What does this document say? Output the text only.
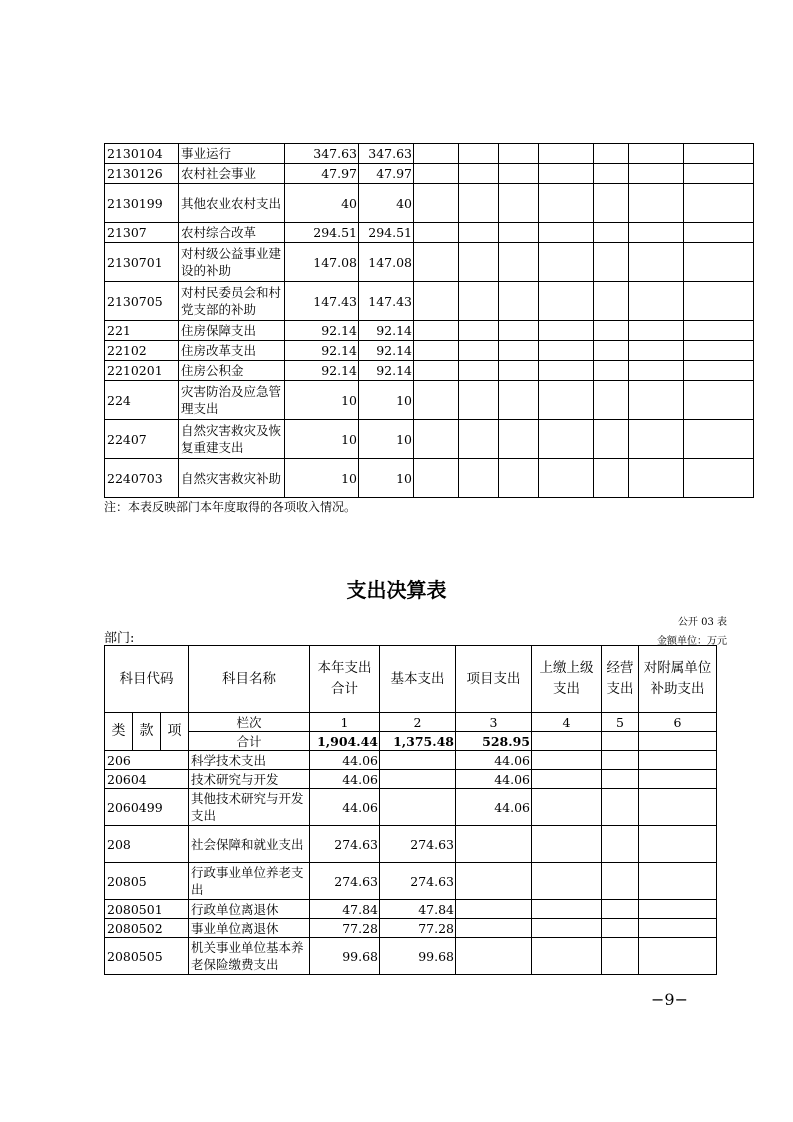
2130104	事业运行	347.63	347.63							
2130126	农村社会事业	47.97	47.97							
2130199	其他农业农村支出	40	40							
21307	农村综合改革	294.51	294.51							
2130701	对村级公益事业建设的补助	147.08	147.08							
2130705	对村民委员会和村党支部的补助	147.43	147.43							
221	住房保障支出	92.14	92.14							
22102	住房改革支出	92.14	92.14							
2210201	住房公积金	92.14	92.14							
224	灾害防治及应急管理支出	10	10							
22407	自然灾害救灾及恢复重建支出	10	10							
2240703	自然灾害救灾补助	10	10							
注：本表反映部门本年度取得的各项收入情况。
支出决算表
公开 03 表
部门:	金额单位：万元
科目代码			科目名称	本年支出合计	基本支出	项目支出	上缴上级支出	经营支出	对附属单位补助支出
类	款	项	栏次	1	2	3	4	5	6
			合计	1,904.44	1,375.48	528.95			
206			科学技术支出	44.06		44.06			
20604			技术研究与开发	44.06		44.06			
2060499			其他技术研究与开发支出	44.06		44.06			
208			社会保障和就业支出	274.63	274.63				
20805			行政事业单位养老支出	274.63	274.63				
2080501			行政单位离退休	47.84	47.84				
2080502			事业单位离退休	77.28	77.28				
2080505			机关事业单位基本养老保险缴费支出	99.68	99.68				
−9−
